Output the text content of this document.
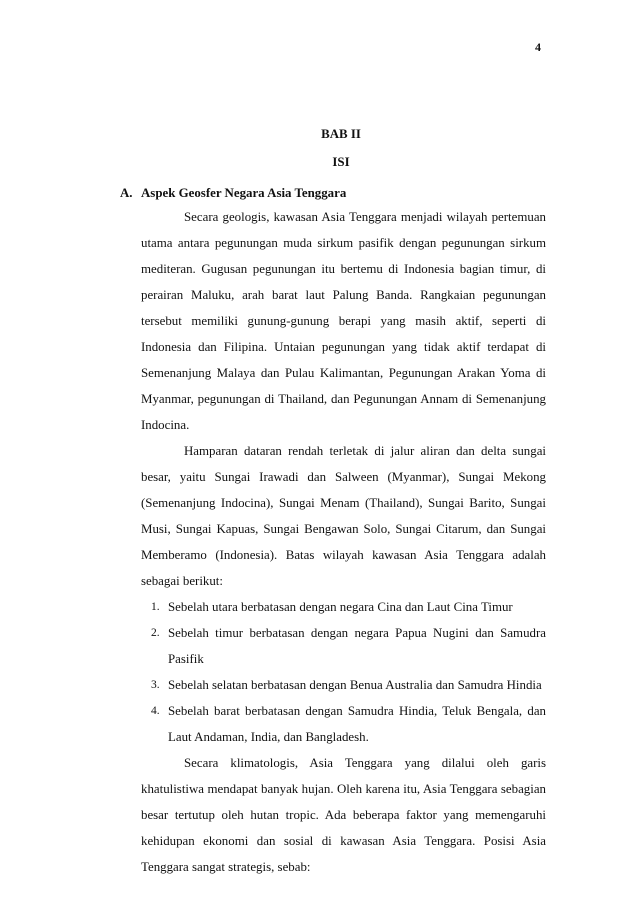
4
BAB II
ISI
A. Aspek Geosfer Negara Asia Tenggara

Secara geologis, kawasan Asia Tenggara menjadi wilayah pertemuan utama antara pegunungan muda sirkum pasifik dengan pegunungan sirkum mediteran. Gugusan pegunungan itu bertemu di Indonesia bagian timur, di perairan Maluku, arah barat laut Palung Banda. Rangkaian pegunungan tersebut memiliki gunung-gunung berapi yang masih aktif, seperti di Indonesia dan Filipina. Untaian pegunungan yang tidak aktif terdapat di Semenanjung Malaya dan Pulau Kalimantan, Pegunungan Arakan Yoma di Myanmar, pegunungan di Thailand, dan Pegunungan Annam di Semenanjung Indocina.

Hamparan dataran rendah terletak di jalur aliran dan delta sungai besar, yaitu Sungai Irawadi dan Salween (Myanmar), Sungai Mekong (Semenanjung Indocina), Sungai Menam (Thailand), Sungai Barito, Sungai Musi, Sungai Kapuas, Sungai Bengawan Solo, Sungai Citarum, dan Sungai Memberamo (Indonesia). Batas wilayah kawasan Asia Tenggara adalah sebagai berikut:

1. Sebelah utara berbatasan dengan negara Cina dan Laut Cina Timur
2. Sebelah timur berbatasan dengan negara Papua Nugini dan Samudra Pasifik
3. Sebelah selatan berbatasan dengan Benua Australia dan Samudra Hindia
4. Sebelah barat berbatasan dengan Samudra Hindia, Teluk Bengala, dan Laut Andaman, India, dan Bangladesh.

Secara klimatologis, Asia Tenggara yang dilalui oleh garis khatulistiwa mendapat banyak hujan. Oleh karena itu, Asia Tenggara sebagian besar tertutup oleh hutan tropic. Ada beberapa faktor yang memengaruhi kehidupan ekonomi dan sosial di kawasan Asia Tenggara. Posisi Asia Tenggara sangat strategis, sebab:
